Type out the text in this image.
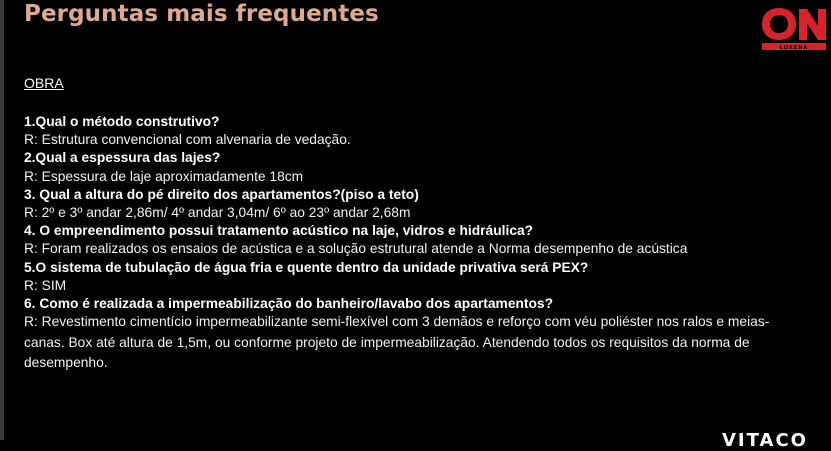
Perguntas mais frequentes
LORENA
OBRA

1.Qual o método construtivo?

R: Estrutura convencional com alvenaria de vedação.

2.Qual a espessura das lajes?

R: Espessura de laje aproximadamente 18cm

3. Qual a altura do pé direito dos apartamentos?(piso a teto)

R: 2º e 3º andar 2,86m/ 4º andar 3,04m/ 6º ao 23º andar 2,68m

4. O empreendimento possui tratamento acústico na laje, vidros e hidráulica?

R: Foram realizados os ensaios de acústica e a solução estrutural atende a Norma desempenho de acústica

5.O sistema de tubulação de água fria e quente dentro da unidade privativa será PEX?

R: SIM

6. Como é realizada a impermeabilização do banheiro/lavabo dos apartamentos?

R: Revestimento cimentício impermeabilizante semi-flexível com 3 demãos e reforço com véu poliéster nos ralos e meias-canas. Box até altura de 1,5m, ou conforme projeto de impermeabilização. Atendendo todos os requisitos da norma de desempenho.

VITACO
